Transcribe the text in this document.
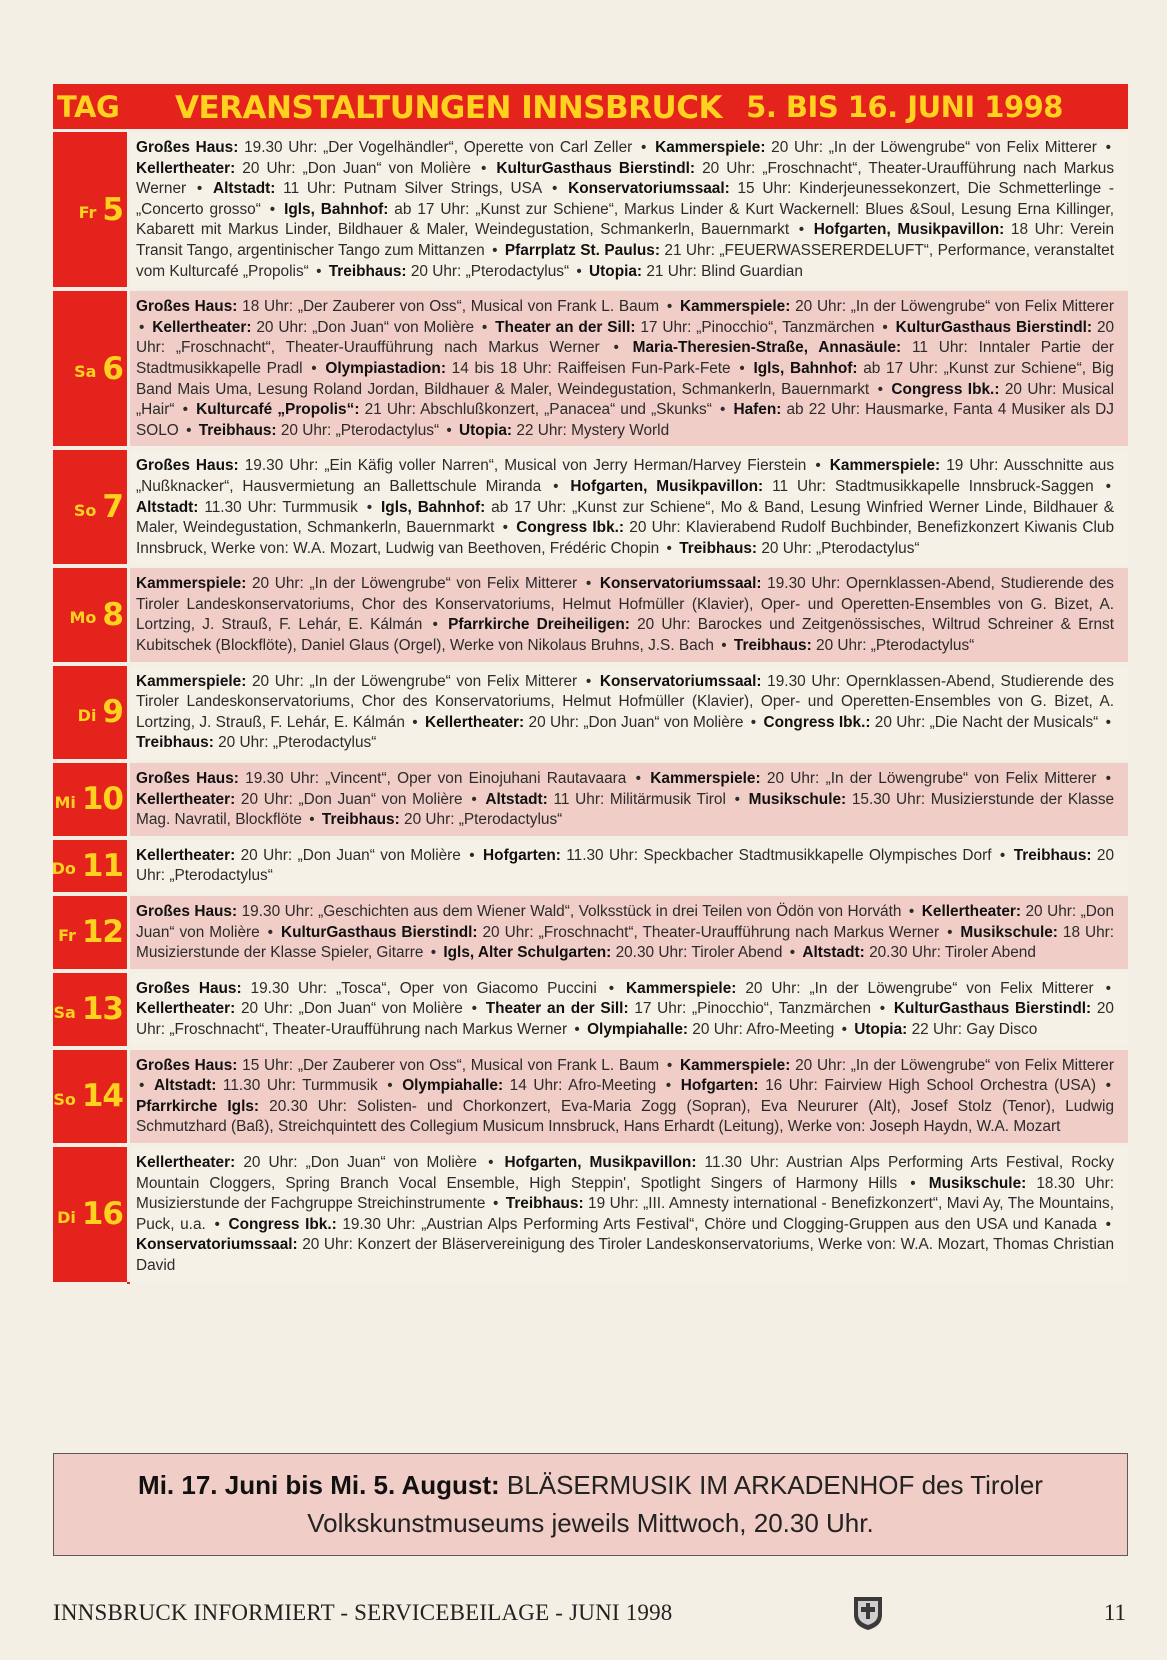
TAG VERANSTALTUNGEN INNSBRUCK 5. BIS 16. JUNI 1998
Fr 5
Großes Haus: 19.30 Uhr: „Der Vogelhändler“, Operette von Carl Zeller • Kammerspiele: 20 Uhr: „In der Löwengrube“ von Felix Mitterer • Kellertheater: 20 Uhr: „Don Juan“ von Molière • KulturGasthaus Bierstindl: 20 Uhr: „Froschnacht“, Theater-Uraufführung nach Markus Werner • Altstadt: 11 Uhr: Putnam Silver Strings, USA • Konservatoriumssaal: 15 Uhr: Kinderjeunessekonzert, Die Schmetterlinge - „Concerto grosso“ • Igls, Bahnhof: ab 17 Uhr: „Kunst zur Schiene“, Markus Linder & Kurt Wackernell: Blues &Soul, Lesung Erna Killinger, Kabarett mit Markus Linder, Bildhauer & Maler, Weindegustation, Schmankerln, Bauernmarkt • Hofgarten, Musikpavillon: 18 Uhr: Verein Transit Tango, argentinischer Tango zum Mittanzen • Pfarrplatz St. Paulus: 21 Uhr: „FEUERWASSERERDELUFT“, Performance, veranstaltet vom Kulturcafé „Propolis“ • Treibhaus: 20 Uhr: „Pterodactylus“ • Utopia: 21 Uhr: Blind Guardian
Sa 6
Großes Haus: 18 Uhr: „Der Zauberer von Oss“, Musical von Frank L. Baum • Kammerspiele: 20 Uhr: „In der Löwengrube“ von Felix Mitterer • Kellertheater: 20 Uhr: „Don Juan“ von Molière • Theater an der Sill: 17 Uhr: „Pinocchio“, Tanzmärchen • KulturGasthaus Bierstindl: 20 Uhr: „Froschnacht“, Theater-Uraufführung nach Markus Werner • Maria-Theresien-Straße, Annasäule: 11 Uhr: Inntaler Partie der Stadtmusikkapelle Pradl • Olympiastadion: 14 bis 18 Uhr: Raiffeisen Fun-Park-Fete • Igls, Bahnhof: ab 17 Uhr: „Kunst zur Schiene“, Big Band Mais Uma, Lesung Roland Jordan, Bildhauer & Maler, Weindegustation, Schmankerln, Bauernmarkt • Congress Ibk.: 20 Uhr: Musical „Hair“ • Kulturcafé „Propolis“: 21 Uhr: Abschlußkonzert, „Panacea“ und „Skunks“ • Hafen: ab 22 Uhr: Hausmarke, Fanta 4 Musiker als DJ SOLO • Treibhaus: 20 Uhr: „Pterodactylus“ • Utopia: 22 Uhr: Mystery World
So 7
Großes Haus: 19.30 Uhr: „Ein Käfig voller Narren“, Musical von Jerry Herman/Harvey Fierstein • Kammerspiele: 19 Uhr: Ausschnitte aus „Nußknacker“, Hausvermietung an Ballettschule Miranda • Hofgarten, Musikpavillon: 11 Uhr: Stadtmusikkapelle Innsbruck-Saggen • Altstadt: 11.30 Uhr: Turmmusik • Igls, Bahnhof: ab 17 Uhr: „Kunst zur Schiene“, Mo & Band, Lesung Winfried Werner Linde, Bildhauer & Maler, Weindegustation, Schmankerln, Bauernmarkt • Congress Ibk.: 20 Uhr: Klavierabend Rudolf Buchbinder, Benefizkonzert Kiwanis Club Innsbruck, Werke von: W.A. Mozart, Ludwig van Beethoven, Frédéric Chopin • Treibhaus: 20 Uhr: „Pterodactylus“
Mo 8
Kammerspiele: 20 Uhr: „In der Löwengrube“ von Felix Mitterer • Konservatoriumssaal: 19.30 Uhr: Opernklassen-Abend, Studierende des Tiroler Landeskonservatoriums, Chor des Konservatoriums, Helmut Hofmüller (Klavier), Oper- und Operetten-Ensembles von G. Bizet, A. Lortzing, J. Strauß, F. Lehár, E. Kálmán • Pfarrkirche Dreiheiligen: 20 Uhr: Barockes und Zeitgenössisches, Wiltrud Schreiner & Ernst Kubitschek (Blockflöte), Daniel Glaus (Orgel), Werke von Nikolaus Bruhns, J.S. Bach • Treibhaus: 20 Uhr: „Pterodactylus“
Di 9
Kammerspiele: 20 Uhr: „In der Löwengrube“ von Felix Mitterer • Konservatoriumssaal: 19.30 Uhr: Opernklassen-Abend, Studierende des Tiroler Landeskonservatoriums, Chor des Konservatoriums, Helmut Hofmüller (Klavier), Oper- und Operetten-Ensembles von G. Bizet, A. Lortzing, J. Strauß, F. Lehár, E. Kálmán • Kellertheater: 20 Uhr: „Don Juan“ von Molière • Congress Ibk.: 20 Uhr: „Die Nacht der Musicals“ • Treibhaus: 20 Uhr: „Pterodactylus“
Mi 10
Großes Haus: 19.30 Uhr: „Vincent“, Oper von Einojuhani Rautavaara • Kammerspiele: 20 Uhr: „In der Löwengrube“ von Felix Mitterer • Kellertheater: 20 Uhr: „Don Juan“ von Molière • Altstadt: 11 Uhr: Militärmusik Tirol • Musikschule: 15.30 Uhr: Musizierstunde der Klasse Mag. Navratil, Blockflöte • Treibhaus: 20 Uhr: „Pterodactylus“
Do 11 Kellertheater: 20 Uhr: „Don Juan“ von Molière • Hofgarten: 11.30 Uhr: Speckbacher Stadtmusikkapelle Olympisches Dorf • Treibhaus: 20 Uhr: „Pterodactylus“
Fr 12
Großes Haus: 19.30 Uhr: „Geschichten aus dem Wiener Wald“, Volksstück in drei Teilen von Ödön von Horváth • Kellertheater: 20 Uhr: „Don Juan“ von Molière • KulturGasthaus Bierstindl: 20 Uhr: „Froschnacht“, Theater-Uraufführung nach Markus Werner • Musikschule: 18 Uhr: Musizierstunde der Klasse Spieler, Gitarre • Igls, Alter Schulgarten: 20.30 Uhr: Tiroler Abend • Altstadt: 20.30 Uhr: Tiroler Abend
Sa 13
Großes Haus: 19.30 Uhr: „Tosca“, Oper von Giacomo Puccini • Kammerspiele: 20 Uhr: „In der Löwengrube“ von Felix Mitterer • Kellertheater: 20 Uhr: „Don Juan“ von Molière • Theater an der Sill: 17 Uhr: „Pinocchio“, Tanzmärchen • KulturGasthaus Bierstindl: 20 Uhr: „Froschnacht“, Theater-Uraufführung nach Markus Werner • Olympiahalle: 20 Uhr: Afro-Meeting • Utopia: 22 Uhr: Gay Disco
So 14
Großes Haus: 15 Uhr: „Der Zauberer von Oss“, Musical von Frank L. Baum • Kammerspiele: 20 Uhr: „In der Löwengrube“ von Felix Mitterer • Altstadt: 11.30 Uhr: Turmmusik • Olympiahalle: 14 Uhr: Afro-Meeting • Hofgarten: 16 Uhr: Fairview High School Orchestra (USA) • Pfarrkirche Igls: 20.30 Uhr: Solisten- und Chorkonzert, Eva-Maria Zogg (Sopran), Eva Neururer (Alt), Josef Stolz (Tenor), Ludwig Schmutzhard (Baß), Streichquintett des Collegium Musicum Innsbruck, Hans Erhardt (Leitung), Werke von: Joseph Haydn, W.A. Mozart
Di 16
Kellertheater: 20 Uhr: „Don Juan“ von Molière • Hofgarten, Musikpavillon: 11.30 Uhr: Austrian Alps Performing Arts Festival, Rocky Mountain Cloggers, Spring Branch Vocal Ensemble, High Steppin', Spotlight Singers of Harmony Hills • Musikschule: 18.30 Uhr: Musizierstunde der Fachgruppe Streichinstrumente • Treibhaus: 19 Uhr: „III. Amnesty international - Benefizkonzert“, Mavi Ay, The Mountains, Puck, u.a. • Congress Ibk.: 19.30 Uhr: „Austrian Alps Performing Arts Festival“, Chöre und Clogging-Gruppen aus den USA und Kanada • Konservatoriumssaal: 20 Uhr: Konzert der Bläservereinigung des Tiroler Landeskonservatoriums, Werke von: W.A. Mozart, Thomas Christian David
Mi. 17. Juni bis Mi. 5. August: BLÄSERMUSIK IM ARKADENHOF des Tiroler Volkskunstmuseums jeweils Mittwoch, 20.30 Uhr.
INNSBRUCK INFORMIERT - SERVICEBEILAGE - JUNI 1998	11
